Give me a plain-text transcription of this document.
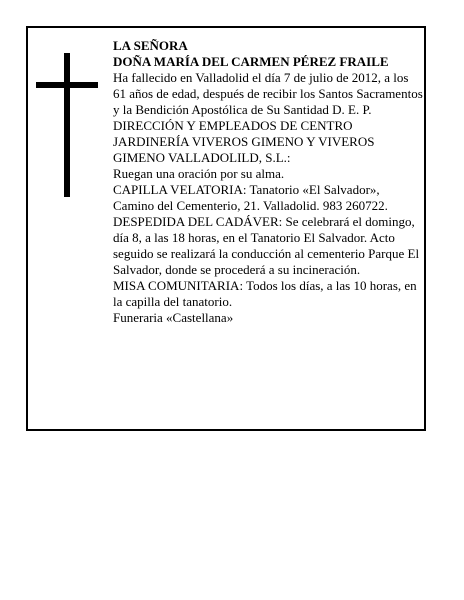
LA SEÑORA

DOÑA MARÍA DEL CARMEN PÉREZ FRAILE

Ha fallecido en Valladolid el día 7 de julio de 2012, a los 61 años de edad, después de recibir los Santos Sacramentos y la Bendición Apostólica de Su Santidad D. E. P.

DIRECCIÓN Y EMPLEADOS DE CENTRO JARDINERÍA VIVEROS GIMENO Y VIVEROS GIMENO VALLADOLILD, S.L.:

Ruegan una oración por su alma.

CAPILLA VELATORIA: Tanatorio «El Salvador», Camino del Cementerio, 21. Valladolid. 983 260722.

DESPEDIDA DEL CADÁVER: Se celebrará el domingo, día 8, a las 18 horas, en el Tanatorio El Salvador. Acto seguido se realizará la conducción al cementerio Parque El Salvador, donde se procederá a su incineración.

MISA COMUNITARIA: Todos los días, a las 10 horas, en la capilla del tanatorio.

Funeraria «Castellana»
